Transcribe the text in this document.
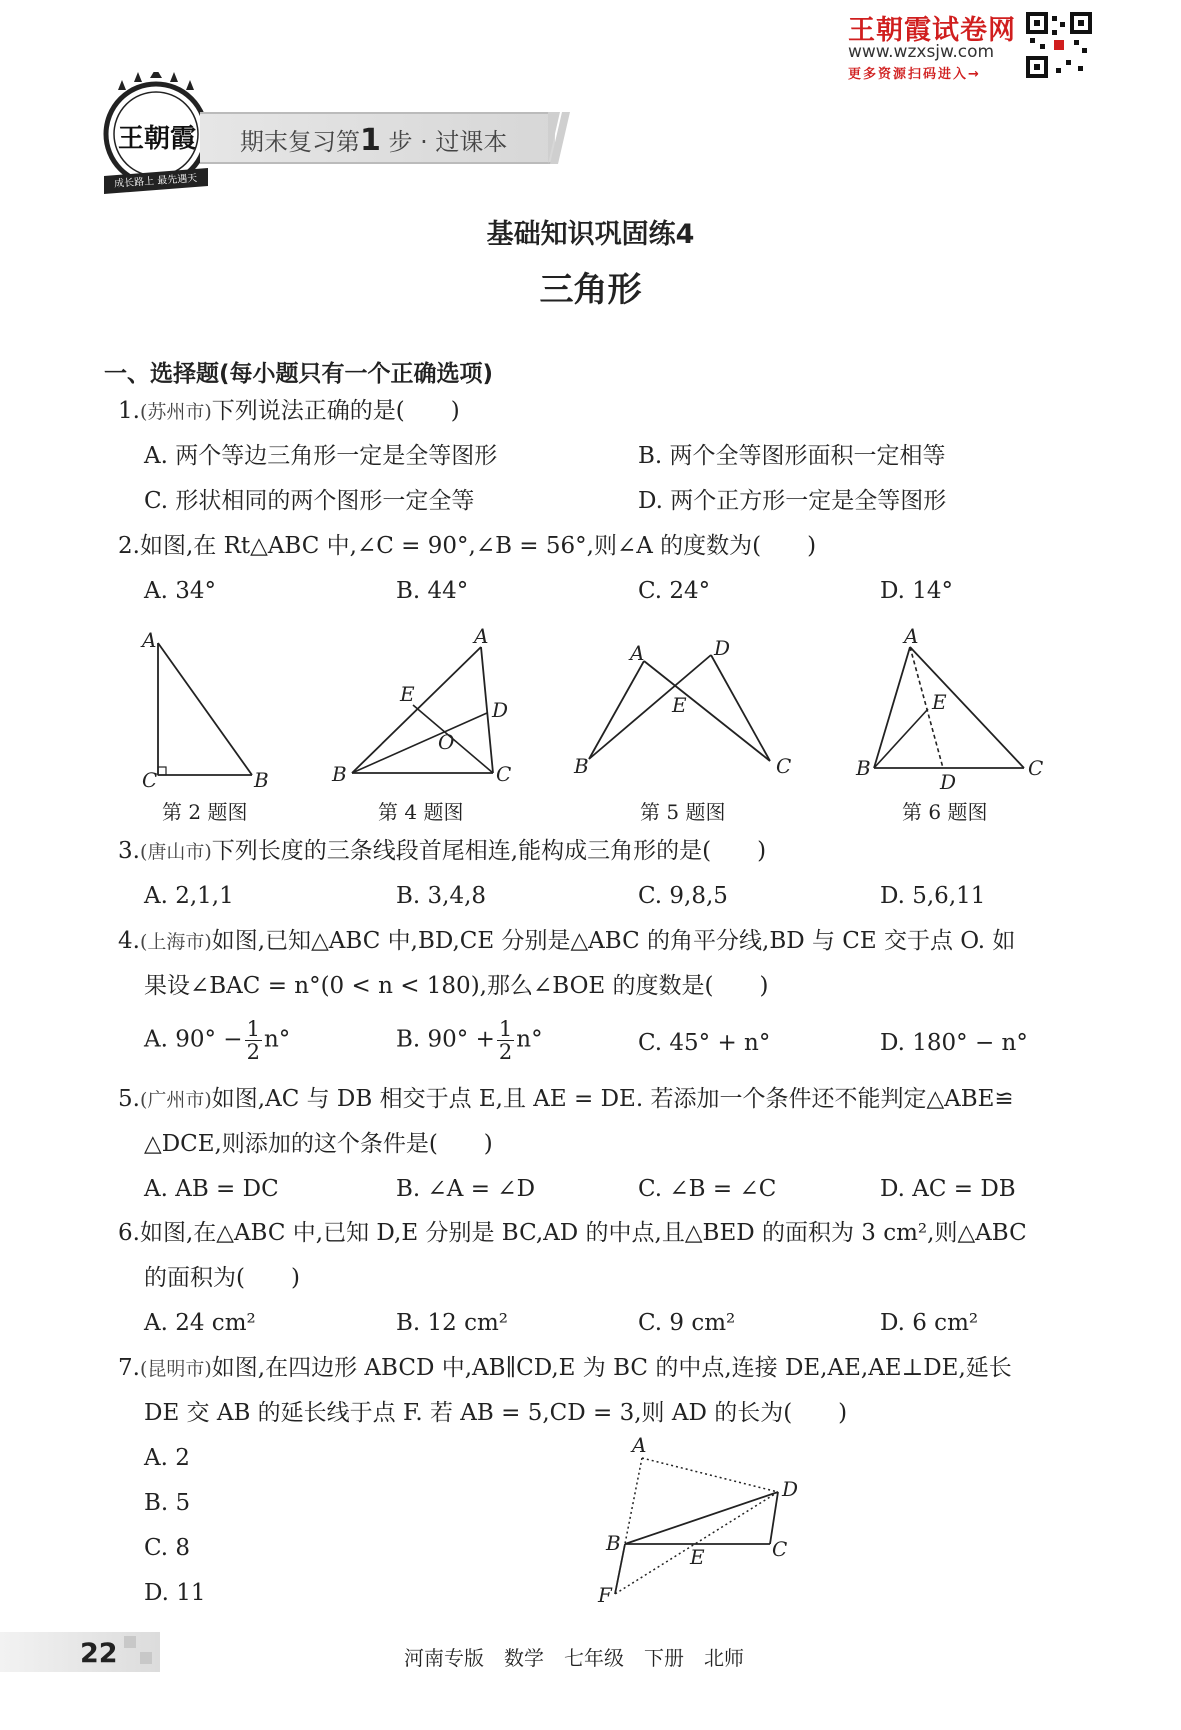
王朝霞试卷网
www.wzxsjw.com
更多资源扫码进入→
王朝霞
成长路上 最先遇天
期末复习第1 步 · 过课本
基础知识巩固练4
三角形
一、选择题(每小题只有一个正确选项)
1.(苏州市)下列说法正确的是(　　)
A. 两个等边三角形一定是全等图形	B. 两个全等图形面积一定相等
C. 形状相同的两个图形一定全等	D. 两个正方形一定是全等图形
2.如图,在 Rt△ABC 中,∠C = 90°,∠B = 56°,则∠A 的度数为(　　)
A. 34°	B. 44°	C. 24°	D. 14°
A
C	B
第 2 题图
A
E
D
O
B	C
第 4 题图
A	D
E
B	C
第 5 题图
A
E
B
D
C
第 6 题图
3.(唐山市)下列长度的三条线段首尾相连,能构成三角形的是(　　)
A. 2,1,1	B. 3,4,8	C. 9,8,5	D. 5,6,11
4.(上海市)如图,已知△ABC 中,BD,CE 分别是△ABC 的角平分线,BD 与 CE 交于点 O. 如
果设∠BAC = n°(0 < n < 180),那么∠BOE 的度数是(　　)
A. $90^\circ - \frac{1}{2} n^\circ$	B. $90^\circ + \frac{1}{2} n^\circ$	C. 45° + n°	D. 180° − n°
5.(广州市)如图,AC 与 DB 相交于点 E,且 AE = DE. 若添加一个条件还不能判定△ABE≌
△DCE,则添加的这个条件是(　　)
A. AB = DC	B. ∠A = ∠D	C. ∠B = ∠C	D. AC = DB
6.如图,在△ABC 中,已知 D,E 分别是 BC,AD 的中点,且△BED 的面积为 3 cm²,则△ABC
的面积为(　　)
A. 24 cm²	B. 12 cm²	C. 9 cm²	D. 6 cm²
7.(昆明市)如图,在四边形 ABCD 中,AB∥CD,E 为 BC 的中点,连接 DE,AE,AE⊥DE,延长
DE 交 AB 的延长线于点 F. 若 AB = 5,CD = 3,则 AD 的长为(　　)
A. 2
B. 5
C. 8
D. 11
A
D
B	C
E
F
22	河南专版　数学　七年级　下册　北师
